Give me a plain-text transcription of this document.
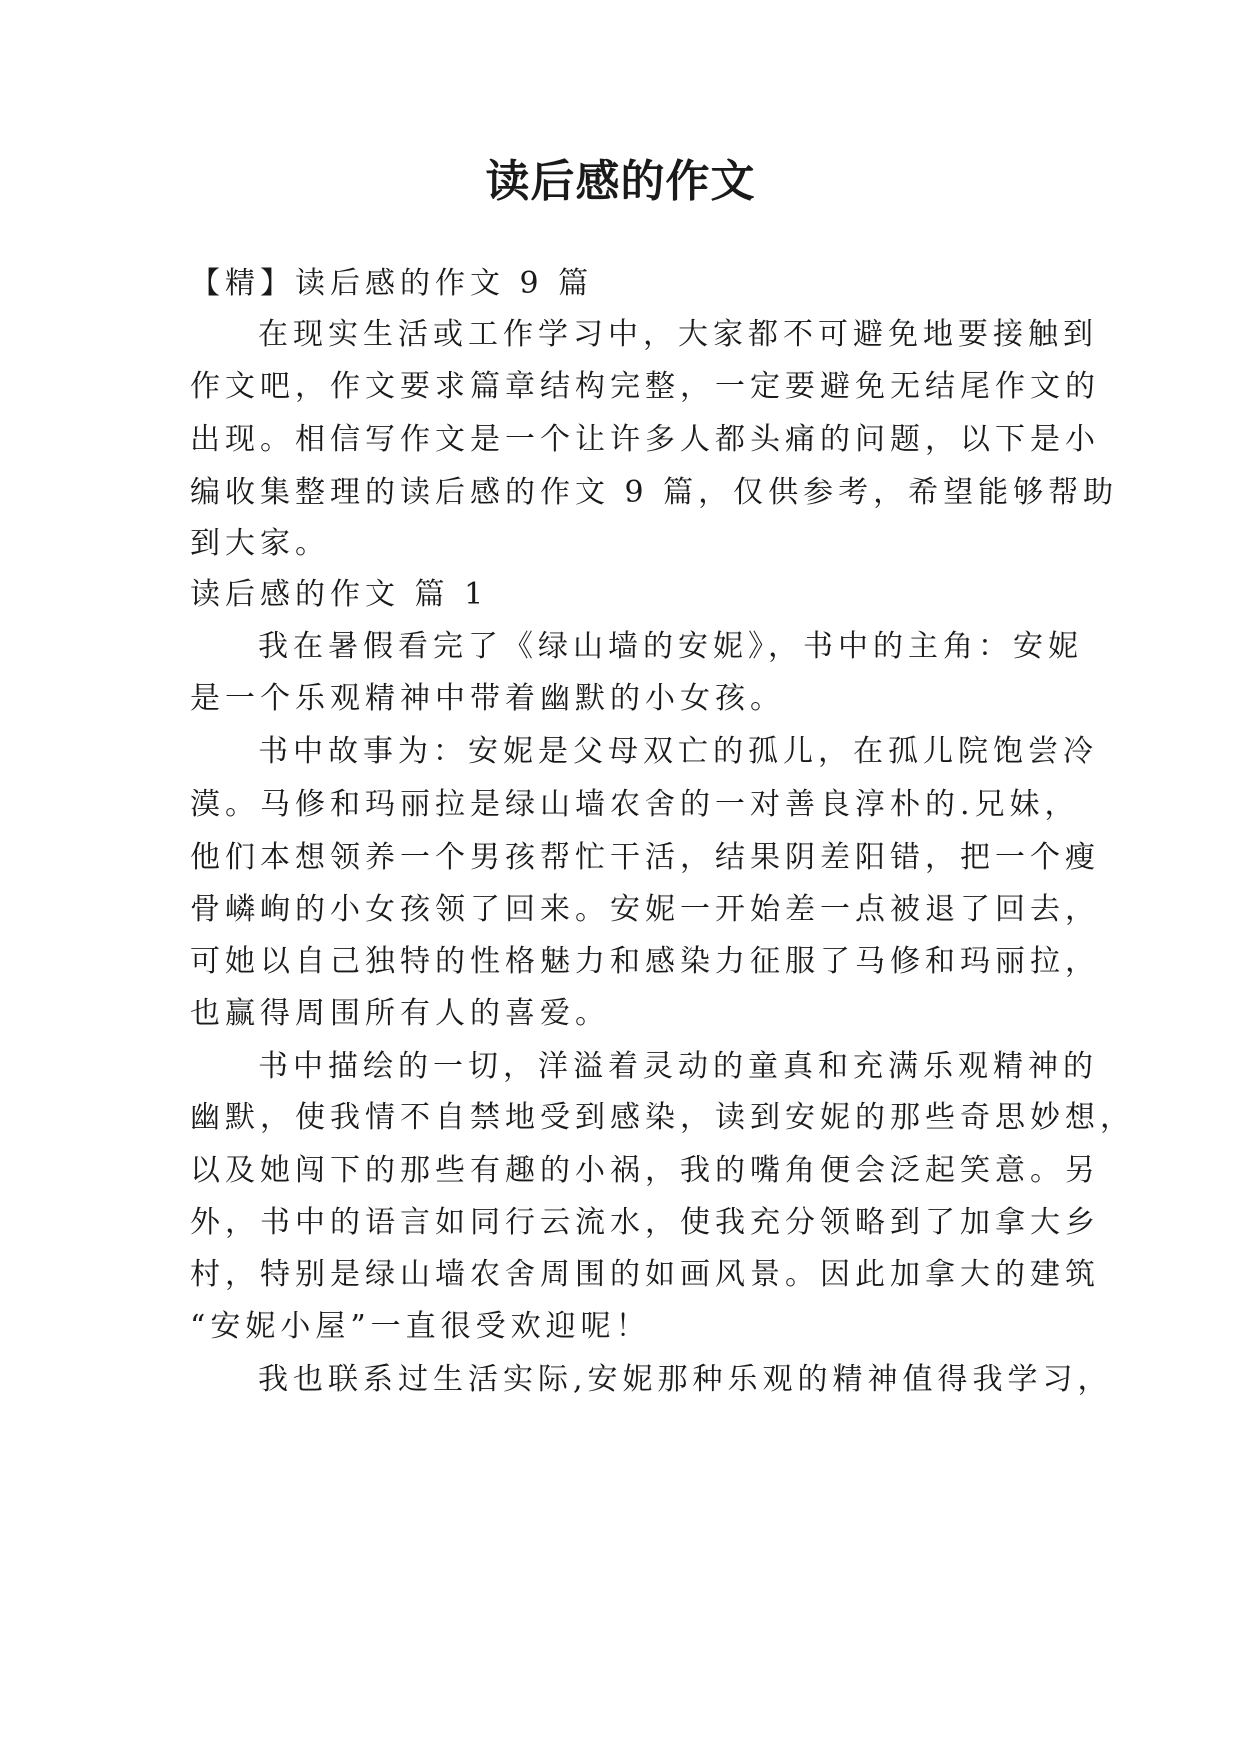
读后感的作文
【精】读后感的作文 9 篇
在现实生活或工作学习中，大家都不可避免地要接触到
作文吧，作文要求篇章结构完整，一定要避免无结尾作文的
出现。相信写作文是一个让许多人都头痛的问题，以下是小
编收集整理的读后感的作文 9 篇，仅供参考，希望能够帮助
到大家。
读后感的作文 篇 1
我在暑假看完了《绿山墙的安妮》，书中的主角：安妮
是一个乐观精神中带着幽默的小女孩。
书中故事为：安妮是父母双亡的孤儿，在孤儿院饱尝冷
漠。马修和玛丽拉是绿山墙农舍的一对善良淳朴的.兄妹，
他们本想领养一个男孩帮忙干活，结果阴差阳错，把一个瘦
骨嶙峋的小女孩领了回来。安妮一开始差一点被退了回去，
可她以自己独特的性格魅力和感染力征服了马修和玛丽拉，
也赢得周围所有人的喜爱。
书中描绘的一切，洋溢着灵动的童真和充满乐观精神的
幽默，使我情不自禁地受到感染，读到安妮的那些奇思妙想，
以及她闯下的那些有趣的小祸，我的嘴角便会泛起笑意。另
外，书中的语言如同行云流水，使我充分领略到了加拿大乡
村，特别是绿山墙农舍周围的如画风景。因此加拿大的建筑
“安妮小屋”一直很受欢迎呢！
我也联系过生活实际,安妮那种乐观的精神值得我学习，
